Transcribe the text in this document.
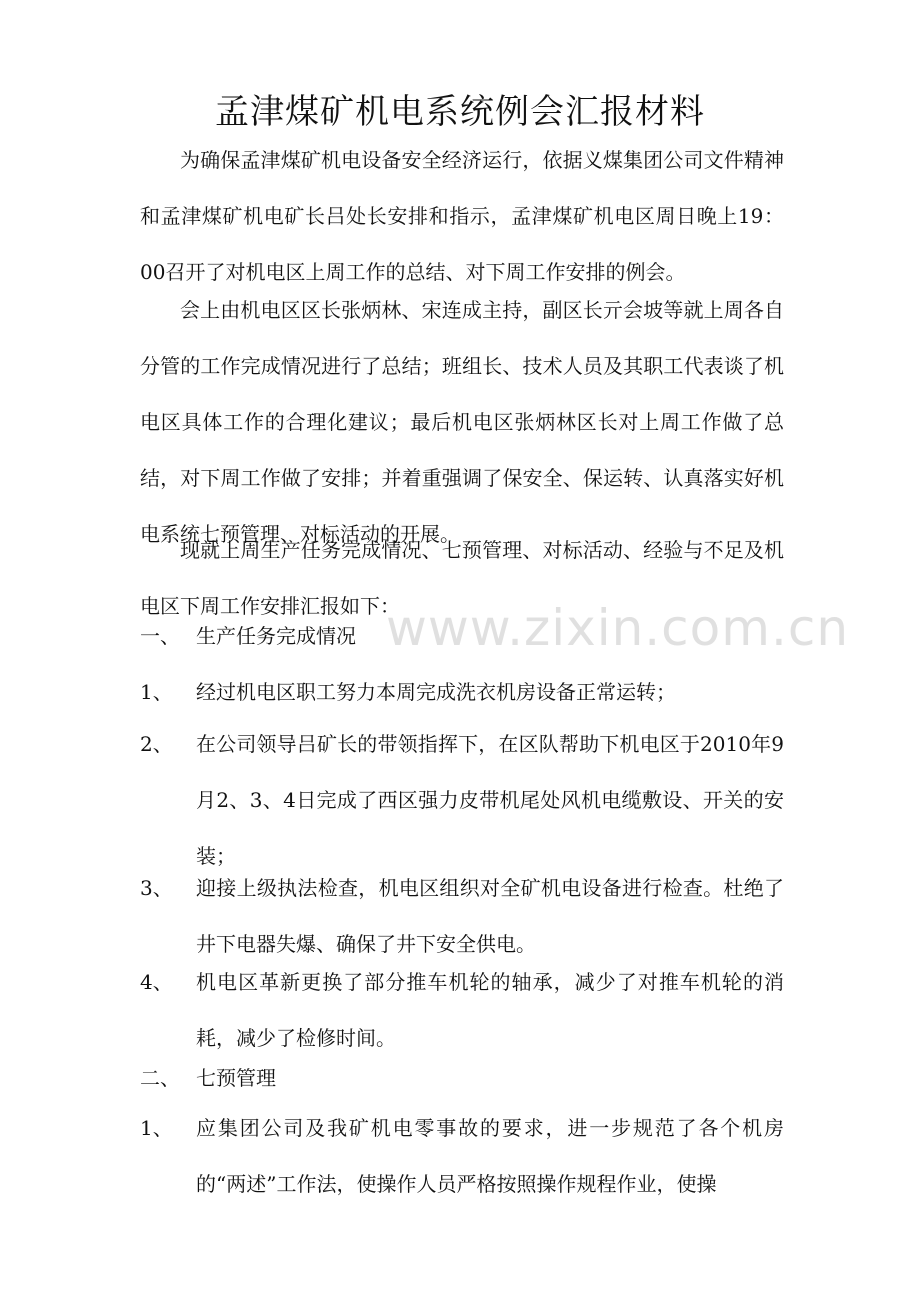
www.zixin.com.cn
孟津煤矿机电系统例会汇报材料

为确保孟津煤矿机电设备安全经济运行，依据义煤集团公司文件精神和孟津煤矿机电矿长吕处长安排和指示，孟津煤矿机电区周日晚上19：00召开了对机电区上周工作的总结、对下周工作安排的例会。

会上由机电区区长张炳林、宋连成主持，副区长亓会坡等就上周各自分管的工作完成情况进行了总结；班组长、技术人员及其职工代表谈了机电区具体工作的合理化建议；最后机电区张炳林区长对上周工作做了总结，对下周工作做了安排；并着重强调了保安全、保运转、认真落实好机电系统七预管理、对标活动的开展。

现就上周生产任务完成情况、七预管理、对标活动、经验与不足及机电区下周工作安排汇报如下：

一、 生产任务完成情况
1、	经过机电区职工努力本周完成洗衣机房设备正常运转；
2、	在公司领导吕矿长的带领指挥下，在区队帮助下机电区于2010年9月2、3、4日完成了西区强力皮带机尾处风机电缆敷设、开关的安装；
3、	迎接上级执法检查，机电区组织对全矿机电设备进行检查。杜绝了井下电器失爆、确保了井下安全供电。
4、	机电区革新更换了部分推车机轮的轴承，减少了对推车机轮的消耗，减少了检修时间。
二、 七预管理
1、	应集团公司及我矿机电零事故的要求，进一步规范了各个机房的“两述”工作法，使操作人员严格按照操作规程作业，使操
